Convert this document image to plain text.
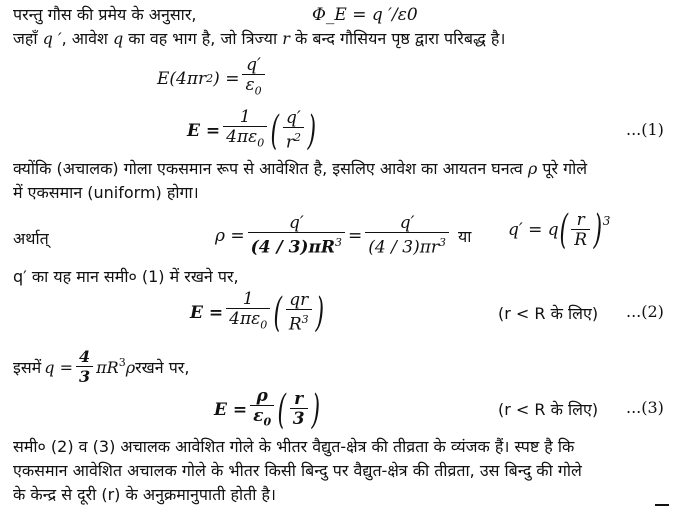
परन्तु गौस की प्रमेय के अनुसार,	Φ_E = q ′/ε0
जहाँ q ′, आवेश q का वह भाग है, जो त्रिज्या r के बन्द गौसियन पृष्ठ द्वारा परिबद्ध है।
E(4πr 2 ) = $\frac{q'}{\varepsilon_0}$
$E = \frac{1}{4\pi\varepsilon_0}$ ( $\frac{q'}{r^2}$ )	...(1)
क्योंकि (अचालक) गोला एकसमान रूप से आवेशित है, इसलिए आवेश का आयतन घनत्व ρ पूरे गोले
में एकसमान (uniform) होगा।
अर्थात्	$\rho = \frac{q'}{(4 / 3)\pi R^3} = \frac{q'}{(4 / 3)\pi r^3}$ या q′ = q ( $\frac{r}{R}$ ) 3
q′ का यह मान समी० (1) में रखने पर,
$E = \frac{1}{4\pi\varepsilon_0}$ ( $\frac{qr}{R^3}$ )	(r < R के लिए) ...(2)
इसमें $q = \frac{4}{3}$ πR 3 ρ रखने पर,
$E = \frac{\rho}{\varepsilon_0}$ ( $\frac{r}{3}$ )	(r < R के लिए) ...(3)
समी० (2) व (3) अचालक आवेशित गोले के भीतर वैद्युत-क्षेत्र की तीव्रता के व्यंजक हैं। स्पष्ट है कि
एकसमान आवेशित अचालक गोले के भीतर किसी बिन्दु पर वैद्युत-क्षेत्र की तीव्रता, उस बिन्दु की गोले
के केन्द्र से दूरी (r) के अनुक्रमानुपाती होती है।
